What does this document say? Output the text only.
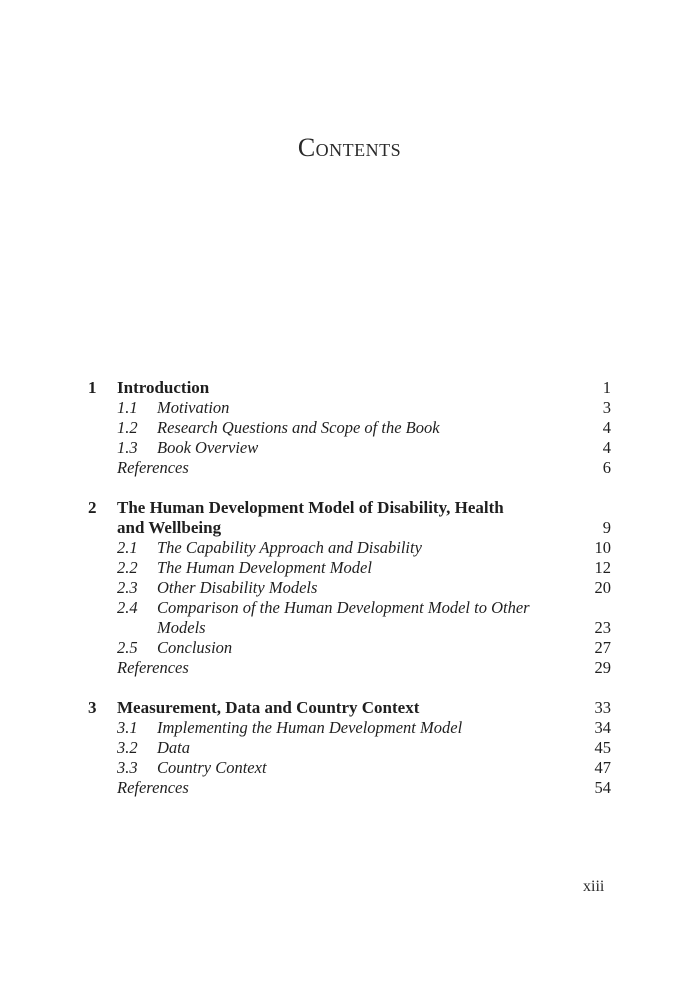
Contents
1 Introduction	1
1.1 Motivation	3
1.2 Research Questions and Scope of the Book	4
1.3 Book Overview	4
References	6
2 The Human Development Model of Disability, Health
and Wellbeing	9
2.1 The Capability Approach and Disability	10
2.2 The Human Development Model	12
2.3 Other Disability Models	20
2.4 Comparison of the Human Development Model to Other
Models	23
2.5 Conclusion	27
References	29
3 Measurement, Data and Country Context	33
3.1 Implementing the Human Development Model	34
3.2 Data	45
3.3 Country Context	47
References	54
xiii
